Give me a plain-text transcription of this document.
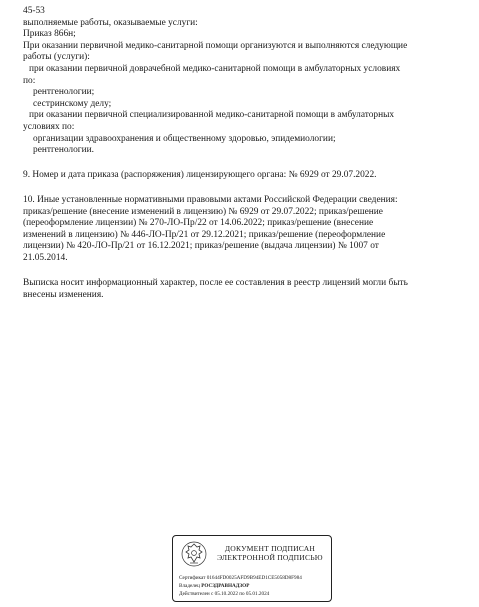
45-53
выполняемые работы, оказываемые услуги:
Приказ 866н;
При оказании первичной медико-санитарной помощи организуются и выполняются следующие
работы (услуги):
при оказании первичной доврачебной медико-санитарной помощи в амбулаторных условиях
по:
рентгенологии;
сестринскому делу;
при оказании первичной специализированной медико-санитарной помощи в амбулаторных
условиях по:
организации здравоохранения и общественному здоровью, эпидемиологии;
рентгенологии.
9. Номер и дата приказа (распоряжения) лицензирующего органа: № 6929 от 29.07.2022.
10. Иные установленные нормативными правовыми актами Российской Федерации сведения:
приказ/решение (внесение изменений в лицензию) № 6929 от 29.07.2022; приказ/решение
(переоформление лицензии) № 270-ЛО-Пр/22 от 14.06.2022; приказ/решение (внесение
изменений в лицензию) № 446-ЛО-Пр/21 от 29.12.2021; приказ/решение (переоформление
лицензии) № 420-ЛО-Пр/21 от 16.12.2021; приказ/решение (выдача лицензии) № 1007 от
21.05.2014.
Выписка носит информационный характер, после ее составления в реестр лицензий могли быть
внесены изменения.
ДОКУМЕНТ ПОДПИСАН
ЭЛЕКТРОННОЙ ПОДПИСЬЮ
Сертификат 01644FD0025AFD9B94ED1CE5058D8F984
Владелец РОСЗДРАВНАДЗОР
Действителен с 05.10.2022 по 05.01.2024
